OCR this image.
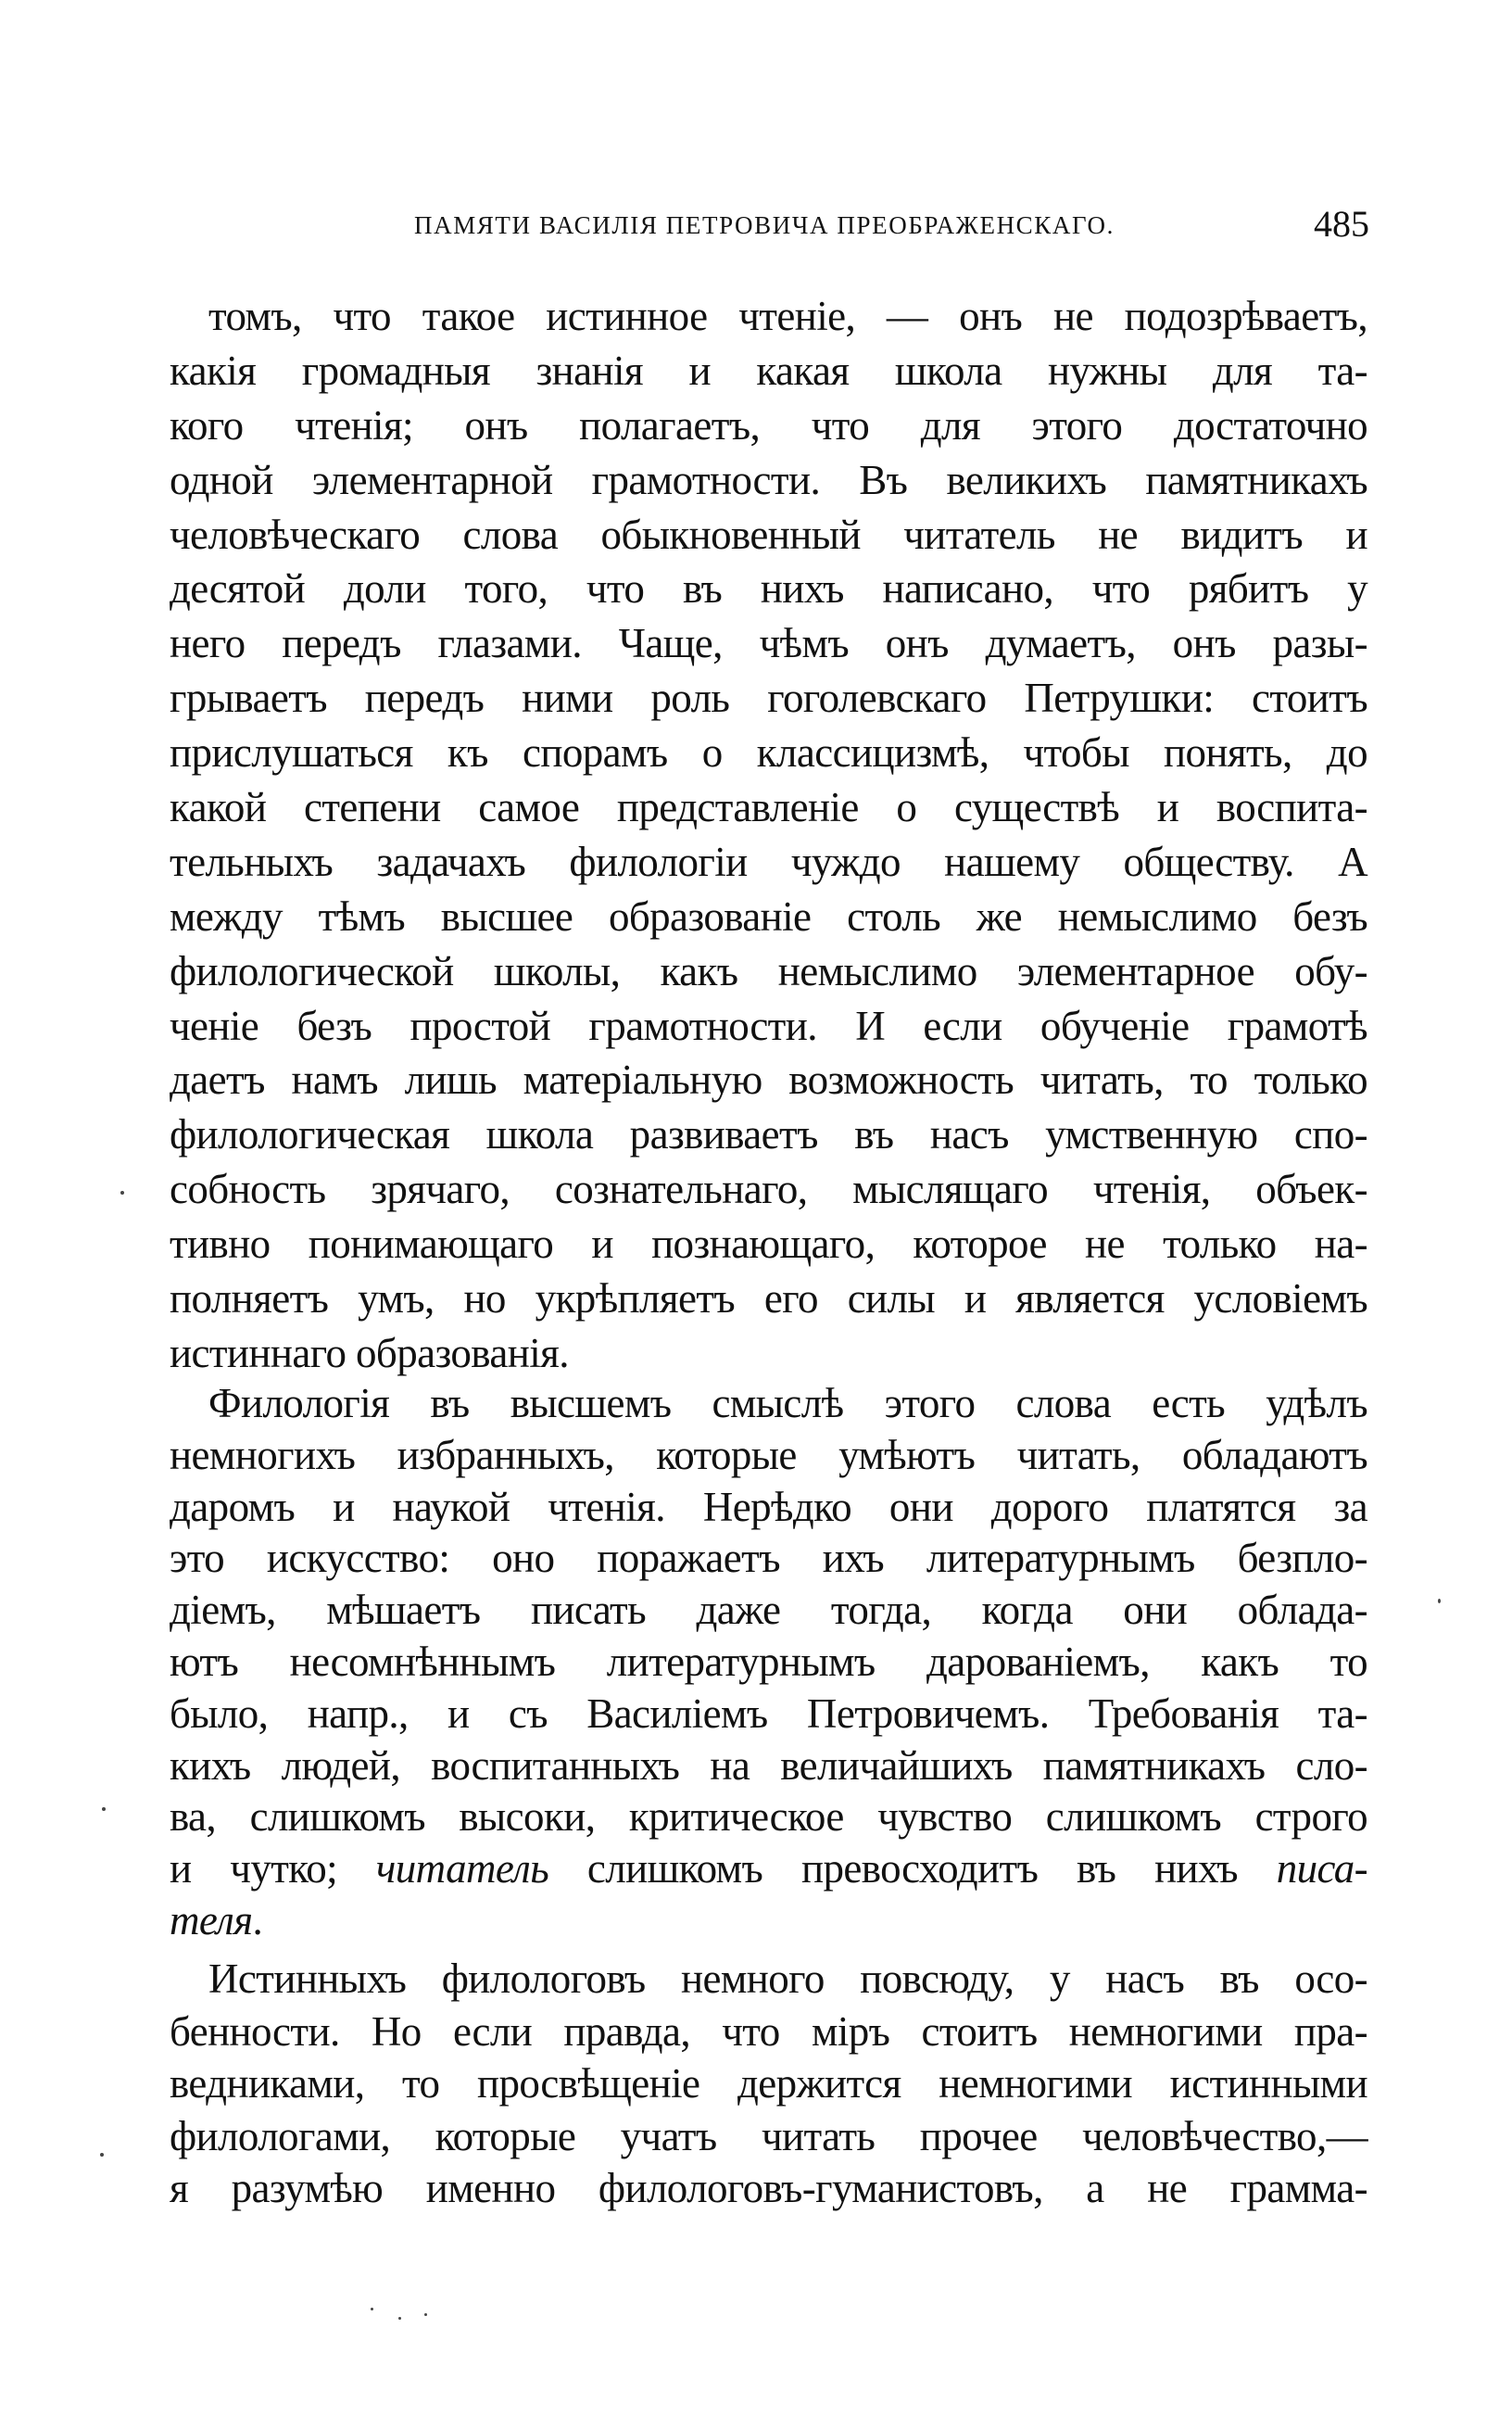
ПАМЯТИ ВАСИЛІЯ ПЕТРОВИЧА ПРЕОБРАЖЕНСКАГО.	485
томъ, что такое истинное чтеніе, — онъ не подозрѣваетъ,
какія громадныя знанія и какая школа нужны для та-
кого чтенія; онъ полагаетъ, что для этого достаточно
одной элементарной грамотности. Въ великихъ памятникахъ
человѣческаго слова обыкновенный читатель не видитъ и
десятой доли того, что въ нихъ написано, что рябитъ у
него передъ глазами. Чаще, чѣмъ онъ думаетъ, онъ разы-
грываетъ передъ ними роль гоголевскаго Петрушки: стоитъ
прислушаться къ спорамъ о классицизмѣ, чтобы понять, до
какой степени самое представленіе о существѣ и воспита-
тельныхъ задачахъ филологіи чуждо нашему обществу. А
между тѣмъ высшее образованіе столь же немыслимо безъ
филологической школы, какъ немыслимо элементарное обу-
ченіе безъ простой грамотности. И если обученіе грамотѣ
даетъ намъ лишь матеріальную возможность читать, то только
филологическая школа развиваетъ въ насъ умственную спо-
собность зрячаго, сознательнаго, мыслящаго чтенія, объек-
тивно понимающаго и познающаго, которое не только на-
полняетъ умъ, но укрѣпляетъ его силы и является условіемъ
истиннаго образованія.
Филологія въ высшемъ смыслѣ этого слова есть удѣлъ
немногихъ избранныхъ, которые умѣютъ читать, обладаютъ
даромъ и наукой чтенія. Нерѣдко они дорого платятся за
это искусство: оно поражаетъ ихъ литературнымъ безпло-
діемъ, мѣшаетъ писать даже тогда, когда они облада-
ютъ несомнѣннымъ литературнымъ дарованіемъ, какъ то
было, напр., и съ Василіемъ Петровичемъ. Требованія та-
кихъ людей, воспитанныхъ на величайшихъ памятникахъ сло-
ва, слишкомъ высоки, критическое чувство слишкомъ строго
и чутко; читатель слишкомъ превосходитъ въ нихъ писа-
теля.
Истинныхъ филологовъ немного повсюду, у насъ въ осо-
бенности. Но если правда, что міръ стоитъ немногими пра-
ведниками, то просвѣщеніе держится немногими истинными
филологами, которые учатъ читать прочее человѣчество,—
я разумѣю именно филологовъ-гуманистовъ, а не грамма-
